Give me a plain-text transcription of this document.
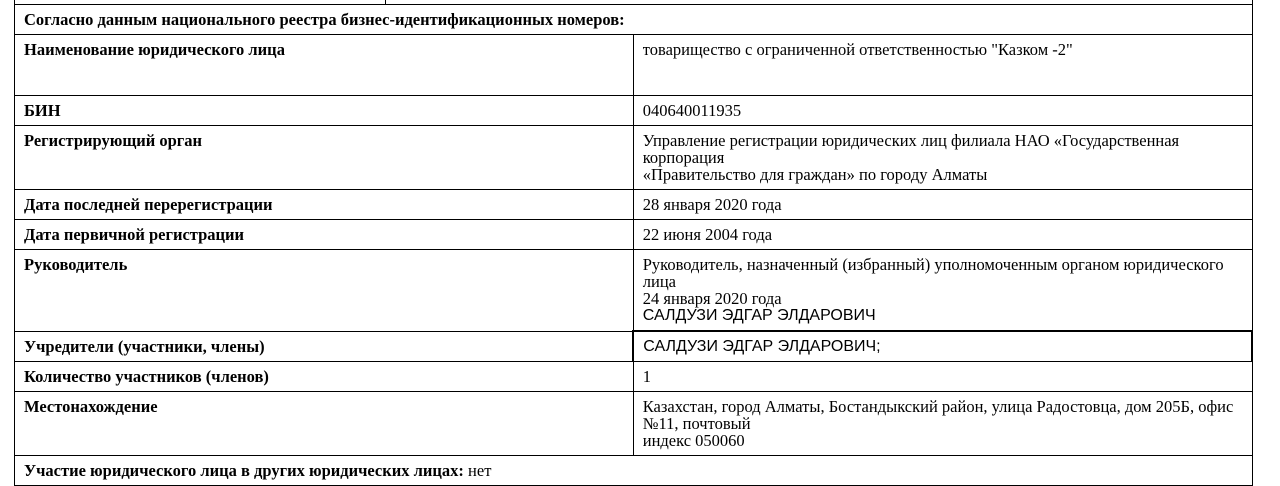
Согласно данным национального реестра бизнес-идентификационных номеров:	
Наименование юридического лица	товарищество с ограниченной ответственностью "Казком -2"
БИН	040640011935
Регистрирующий орган	Управление регистрации юридических лиц филиала НАО «Государственная корпорация
«Правительство для граждан» по городу Алматы

Дата последней перерегистрации	28 января 2020 года
Дата первичной регистрации	22 июня 2004 года
Руководитель	Руководитель, назначенный (избранный) уполномоченным органом юридического лица
24 января 2020 года
САЛДУЗИ ЭДГАР ЭЛДАРОВИЧ

Учредители (участники, члены)	САЛДУЗИ ЭДГАР ЭЛДАРОВИЧ;
Количество участников (членов)	1
Местонахождение	Казахстан, город Алматы, Бостандыкский район, улица Радостовца, дом 205Б, офис №11, почтовый
индекс 050060

Участие юридического лица в других юридических лицах: нет	
